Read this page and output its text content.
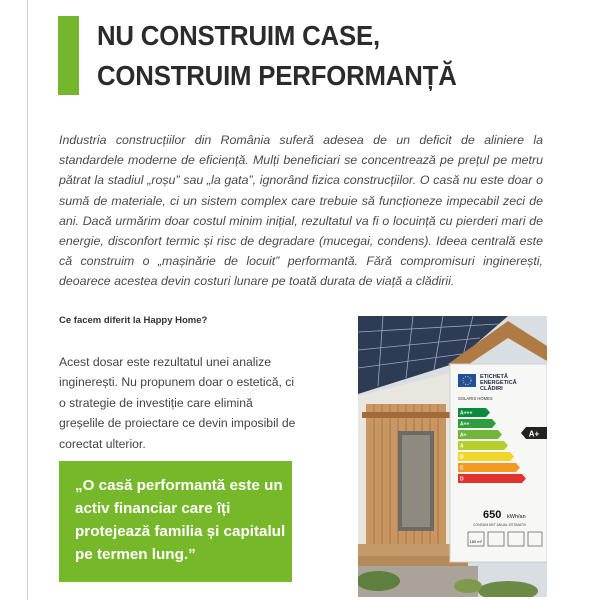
NU CONSTRUIM CASE,
CONSTRUIM PERFORMANȚĂ

Industria construcțiilor din România suferă adesea de un deficit de aliniere la standardele moderne de eficiență. Mulți beneficiari se concentrează pe prețul pe metru pătrat la stadiul „roșu” sau „la gata”, ignorând fizica construcțiilor. O casă nu este doar o sumă de materiale, ci un sistem complex care trebuie să funcționeze impecabil zeci de ani. Dacă urmărim doar costul minim inițial, rezultatul va fi o locuință cu pierderi mari de energie, disconfort termic și risc de degradare (mucegai, condens). Ideea centrală este că construim o „mașinărie de locuit” performantă. Fără compromisuri inginerești, deoarece acestea devin costuri lunare pe toată durata de viață a clădirii.

Ce facem diferit la Happy Home?

Acest dosar este rezultatul unei analize inginerești. Nu propunem doar o estetică, ci o strategie de investiție care elimină greșelile de proiectare ce devin imposibil de corectat ulterior.

„O casă performantă este un activ financiar care îți protejează familia și capitalul pe termen lung.”

ETICHETĂ
ENERGETICĂ
CLĂDIRI
SOLARIS HOMES
A+++
A++
A+
A
B
C
D
A+
650 kWh/an
CONSUM NET ANUAL ESTIMATIV
180 m²
